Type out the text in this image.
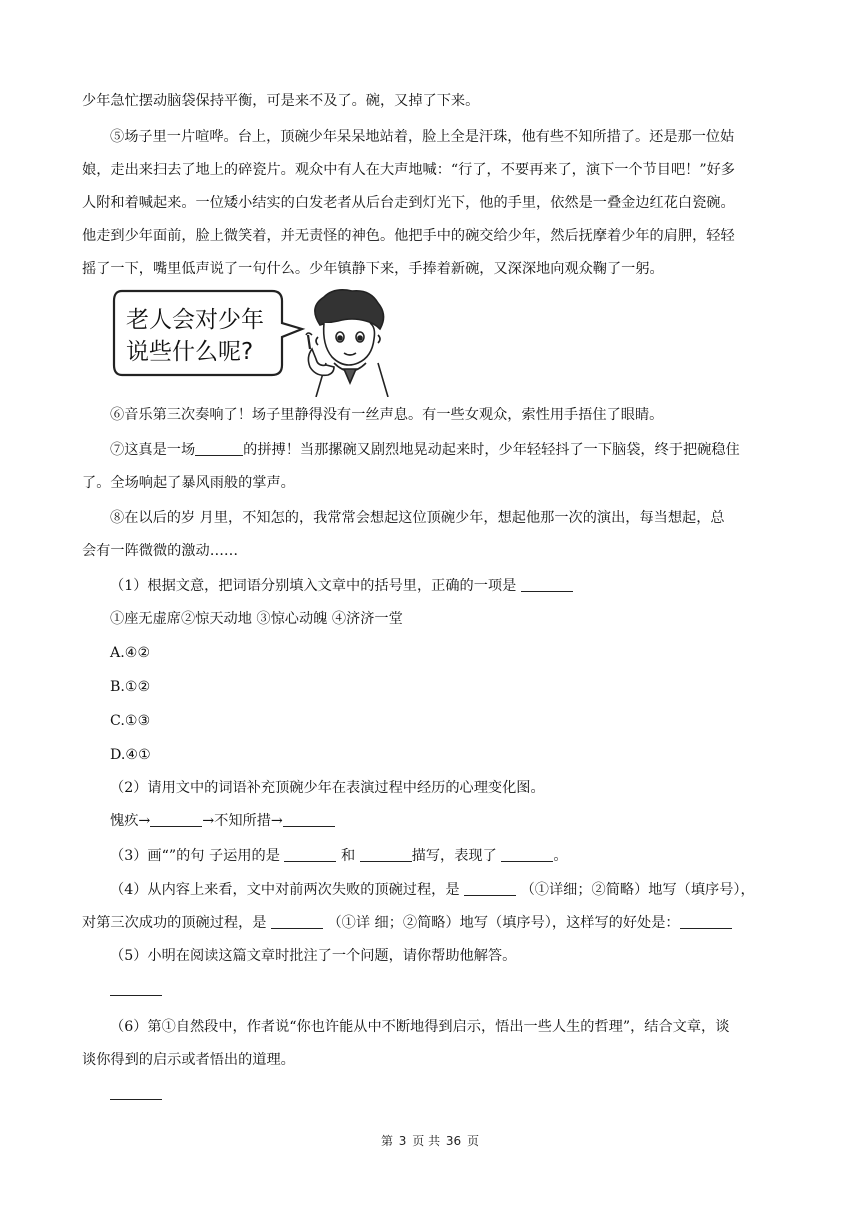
少年急忙摆动脑袋保持平衡，可是来不及了。碗，又掉了下来。
⑤场子里一片喧哗。台上，顶碗少年呆呆地站着，脸上全是汗珠，他有些不知所措了。还是那一位姑
娘，走出来扫去了地上的碎瓷片。观众中有人在大声地喊：“行了，不要再来了，演下一个节目吧！”好多
人附和着喊起来。一位矮小结实的白发老者从后台走到灯光下，他的手里，依然是一叠金边红花白瓷碗。
他走到少年面前，脸上微笑着，并无责怪的神色。他把手中的碗交给少年，然后抚摩着少年的肩胛，轻轻
摇了一下，嘴里低声说了一句什么。少年镇静下来，手捧着新碗，又深深地向观众鞠了一躬。
老人会对少年
说些什么呢?
⑥音乐第三次奏响了！场子里静得没有一丝声息。有一些女观众，索性用手捂住了眼睛。
⑦这真是一场	的拼搏！当那摞碗又剧烈地晃动起来时，少年轻轻抖了一下脑袋，终于把碗稳住
了。全场响起了暴风雨般的掌声。
⑧在以后的岁 月里，不知怎的，我常常会想起这位顶碗少年，想起他那一次的演出，每当想起，总
会有一阵微微的激动……
（1）根据文意，把词语分别填入文章中的括号里，正确的一项是
①座无虚席②惊天动地 ③惊心动魄 ④济济一堂
A.④②
B.①②
C.①③
D.④①
（2）请用文中的词语补充顶碗少年在表演过程中经历的心理变化图。
愧疚→	→不知所措→
（3）画“”的句 子运用的是	和	描写，表现了	。
（4）从内容上来看，文中对前两次失败的顶碗过程，是	（①详细；②简略）地写（填序号），
对第三次成功的顶碗过程，是	（①详 细；②简略）地写（填序号），这样写的好处是：
（5）小明在阅读这篇文章时批注了一个问题，请你帮助他解答。
（6）第①自然段中，作者说“你也许能从中不断地得到启示，悟出一些人生的哲理”，结合文章，谈
谈你得到的启示或者悟出的道理。
第 3 页 共 36 页
